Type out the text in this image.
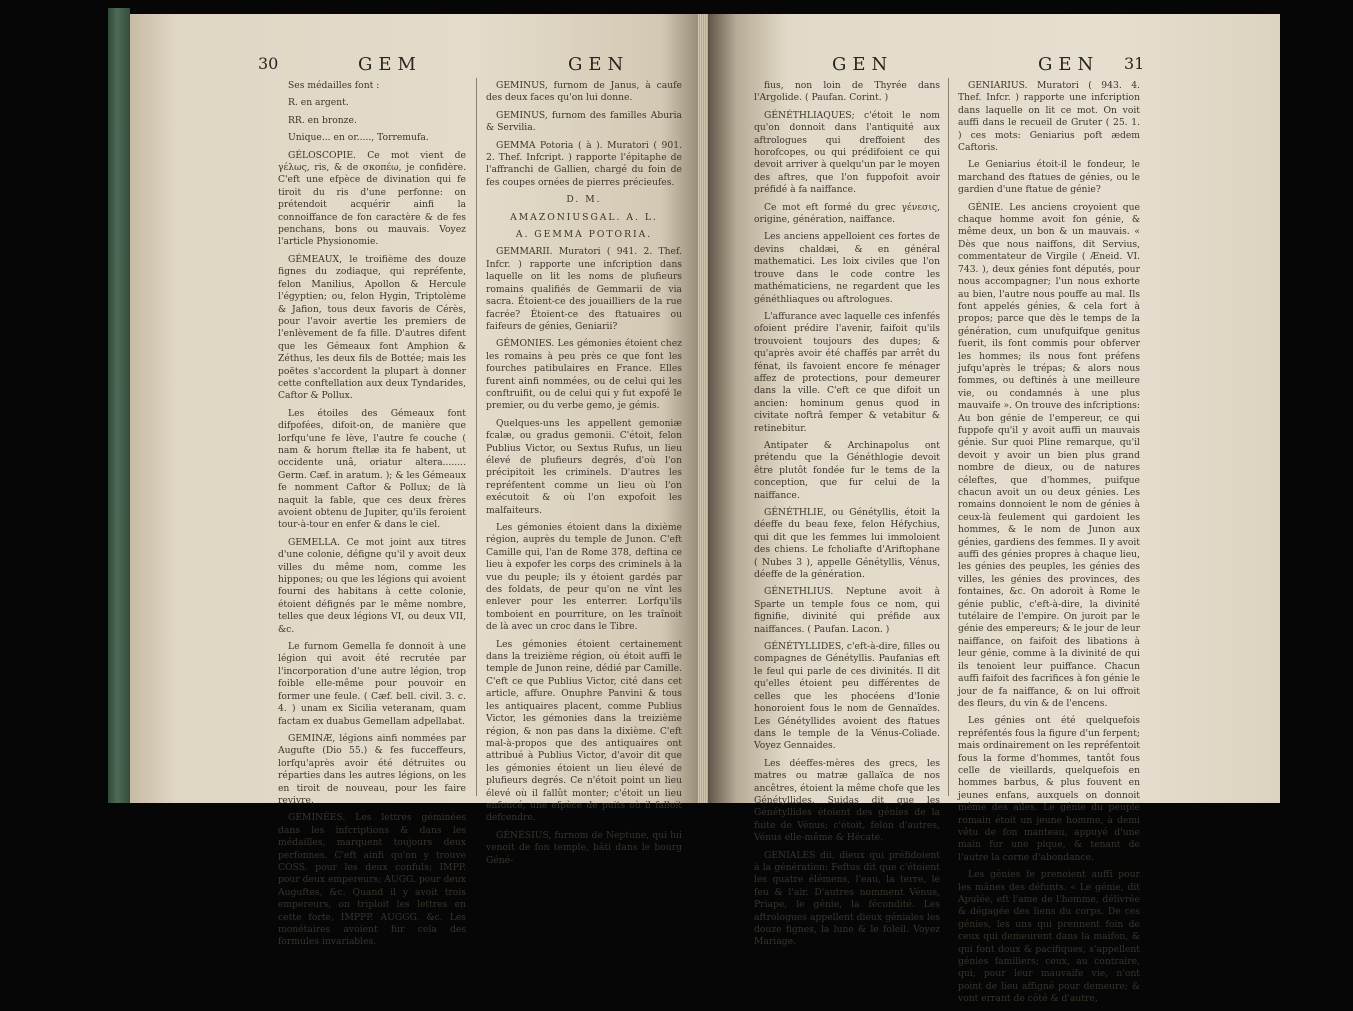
30	GEM	GEN

Ses médailles font :

R. en argent.

RR. en bronze.

Unique... en or....., Torremufa.

GÉLOSCOPIE. Ce mot vient de γέλως, ris, & de σκοπέω, je confidère. C'eft une efpèce de divination qui fe tiroit du ris d'une perfonne: on prétendoit acquérir ainfi la connoiffance de fon caractère & de fes penchans, bons ou mauvais. Voyez l'article Physionomie.

GÉMEAUX, le troifième des douze fignes du zodiaque, qui repréfente, felon Manilius, Apollon & Hercule l'égyptien; ou, felon Hygin, Triptolème & Jafion, tous deux favoris de Cérès, pour l'avoir avertie les premiers de l'enlèvement de fa fille. D'autres difent que les Gémeaux font Amphion & Zéthus, les deux fils de Bottée; mais les poëtes s'accordent la plupart à donner cette conftellation aux deux Tyndarides, Caftor & Pollux.

Les étoiles des Gémeaux font difpofées, difoit-on, de manière que lorfqu'une fe lève, l'autre fe couche ( nam & horum ftellæ ita fe habent, ut occidente unâ, oriatur altera........ Germ. Cæf. in aratum. ); & les Gémeaux fe nomment Caftor & Pollux; de là naquit la fable, que ces deux frères avoient obtenu de Jupiter, qu'ils feroient tour-à-tour en enfer & dans le ciel.

GEMELLA. Ce mot joint aux titres d'une colonie, défigne qu'il y avoit deux villes du même nom, comme les hippones; ou que les légions qui avoient fourni des habitans à cette colonie, étoient défignés par le même nombre, telles que deux légions VI, ou deux VII, &c.

Le furnom Gemella fe donnoit à une légion qui avoit été recrutée par l'incorporation d'une autre légion, trop foible elle-même pour pouvoir en former une feule. ( Cæf. bell. civil. 3. c. 4. ) unam ex Sicilia veteranam, quam factam ex duabus Gemellam adpellabat.

GEMINÆ, légions ainfi nommées par Augufte (Dio 55.) & fes fucceffeurs, lorfqu'après avoir été détruites ou réparties dans les autres légions, on les en tiroit de nouveau, pour les faire revivre.

GÉMINÉES. Les lettres géminées dans les infcriptions & dans les médailles, marquent toujours deux perfonnes. C'eft ainfi qu'on y trouve COSS. pour les deux confuls; IMPP. pour deux empereurs; AUGG. pour deux Auguftes, &c. Quand il y avoit trois empereurs, on triploit les lettres en cette forte, IMPPP. AUGGG. &c. Les monétaires avoient fur cela des formules invariables.

GEMINUS, furnom de Janus, à caufe des deux faces qu'on lui donne.

GEMINUS, furnom des familles Aburia & Servilia.

GEMMA Potoria ( à ). Muratori ( 901. 2. Thef. Infcript. ) rapporte l'épitaphe de l'affranchi de Gallien, chargé du foin de fes coupes ornées de pierres précieufes.

D. M.

AMAZONIUSGAL. A. L.

A. GEMMA POTORIA.

GEMMARII. Muratori ( 941. 2. Thef. Infcr. ) rapporte une infcription dans laquelle on lit les noms de plufieurs romains qualifiés de Gemmarii de via sacra. Étoient-ce des jouailliers de la rue facrée? Étoient-ce des ftatuaires ou faifeurs de génies, Geniarii?

GÉMONIES. Les gémonies étoient chez les romains à peu près ce que font les fourches patibulaires en France. Elles furent ainfi nommées, ou de celui qui les conftruifit, ou de celui qui y fut expofé le premier, ou du verbe gemo, je gémis.

Quelques-uns les appellent gemoniæ fcalæ, ou gradus gemonii. C'étoit, felon Publius Victor, ou Sextus Rufus, un lieu élevé de plufieurs degrés, d'où l'on précipitoit les criminels. D'autres les repréfentent comme un lieu où l'on exécutoit & où l'on expofoit les malfaiteurs.

Les gémonies étoient dans la dixième région, auprès du temple de Junon. C'eft Camille qui, l'an de Rome 378, deftina ce lieu à expofer les corps des criminels à la vue du peuple; ils y étoient gardés par des foldats, de peur qu'on ne vînt les enlever pour les enterrer. Lorfqu'ils tomboient en pourriture, on les traînoit de là avec un croc dans le Tibre.

Les gémonies étoient certainement dans la treizième région, où étoit auffi le temple de Junon reine, dédié par Camille. C'eft ce que Publius Victor, cité dans cet article, affure. Onuphre Panvini & tous les antiquaires placent, comme Publius Victor, les gémonies dans la treizième région, & non pas dans la dixième. C'eft mal-à-propos que des antiquaires ont attribué à Publius Victor, d'avoir dit que les gémonies étoient un lieu élevé de plufieurs degrés. Ce n'étoit point un lieu élevé où il fallût monter; c'étoit un lieu enfoncé, une efpèce de puits où il falloit defcendre.

GÉNÉSIUS, furnom de Neptune, qui lui venoit de fon temple, bâti dans le bourg Géné-

GEN	GEN 31

fius, non loin de Thyrée dans l'Argolide. ( Paufan. Corint. )

GÉNÉTHLIAQUES; c'étoit le nom qu'on donnoit dans l'antiquité aux aftrologues qui dreffoient des horofcopes, ou qui prédifoient ce qui devoit arriver à quelqu'un par le moyen des aftres, que l'on fuppofoit avoir préfidé à fa naiffance.

Ce mot eft formé du grec γένεσις, origine, génération, naiffance.

Les anciens appelloient ces fortes de devins chaldæi, & en général mathematici. Les loix civiles que l'on trouve dans le code contre les mathématiciens, ne regardent que les généthliaques ou aftrologues.

L'affurance avec laquelle ces infenfés ofoient prédire l'avenir, faifoit qu'ils trouvoient toujours des dupes; & qu'après avoir été chaffés par arrêt du fénat, ils favoient encore fe ménager affez de protections, pour demeurer dans la ville. C'eft ce que difoit un ancien: hominum genus quod in civitate noftrâ femper & vetabitur & retinebitur.

Antipater & Archinapolus ont prétendu que la Généthlogie devoit être plutôt fondée fur le tems de la conception, que fur celui de la naiffance.

GÉNÉTHLIE, ou Génétyllis, étoit la déeffe du beau fexe, felon Héfychius, qui dit que les femmes lui immoloient des chiens. Le fcholiafte d'Ariftophane ( Nubes 3 ), appelle Génétyllis, Vénus, déeffe de la génération.

GÉNETHLIUS. Neptune avoit à Sparte un temple fous ce nom, qui fignifie, divinité qui préfide aux naiffances. ( Paufan. Lacon. )

GÉNÉTYLLIDES, c'eft-à-dire, filles ou compagnes de Génétyllis. Paufanias eft le feul qui parle de ces divinités. Il dit qu'elles étoient peu différentes de celles que les phocéens d'Ionie honoroient fous le nom de Gennaïdes. Les Génétyllides avoient des ftatues dans le temple de la Vénus-Coliade. Voyez Gennaides.

Les déeffes-mères des grecs, les matres ou matræ gallaïca de nos ancêtres, étoient la même chofe que les Génétyllides. Suidas dit que les Génétyllides étoient des génies de la fuite de Vénus; c'étoit, felon d'autres, Vénus elle-même & Hécate.

GENIALES dii, dieux qui préfidoient à la génération: Feftus dit que c'étoient les quatre élémens, l'eau, la terre, le feu & l'air. D'autres nomment Vénus, Priape, le génie, la fécondité. Les aftrologues appellent dieux géniales les douze fignes, la lune & le foleil. Voyez Mariage.

GENIARIUS. Muratori ( 943. 4. Thef. Infcr. ) rapporte une infcription dans laquelle on lit ce mot. On voit auffi dans le recueil de Gruter ( 25. 1. ) ces mots: Geniarius poft ædem Caftoris.

Le Geniarius étoit-il le fondeur, le marchand des ftatues de génies, ou le gardien d'une ftatue de génie?

GÉNIE. Les anciens croyoient que chaque homme avoit fon génie, & même deux, un bon & un mauvais. « Dès que nous naiffons, dit Servius, commentateur de Virgile ( Æneid. VI. 743. ), deux génies font députés, pour nous accompagner; l'un nous exhorte au bien, l'autre nous pouffe au mal. Ils font appelés génies, & cela fort à propos; parce que dès le temps de la génération, cum unufquifque genitus fuerit, ils font commis pour obferver les hommes; ils nous font préfens jufqu'après le trépas; & alors nous fommes, ou deftinés à une meilleure vie, ou condamnés à une plus mauvaife ». On trouve des infcriptions: Au bon génie de l'empereur, ce qui fuppofe qu'il y avoit auffi un mauvais génie. Sur quoi Pline remarque, qu'il devoit y avoir un bien plus grand nombre de dieux, ou de natures céleftes, que d'hommes, puifque chacun avoit un ou deux génies. Les romains donnoient le nom de génies à ceux-là feulement qui gardoient les hommes, & le nom de Junon aux génies, gardiens des femmes. Il y avoit auffi des génies propres à chaque lieu, les génies des peuples, les génies des villes, les génies des provinces, des fontaines, &c. On adoroit à Rome le génie public, c'eft-à-dire, la divinité tutélaire de l'empire. On juroit par le génie des empereurs; & le jour de leur naiffance, on faifoit des libations à leur génie, comme à la divinité de qui ils tenoient leur puiffance. Chacun auffi faifoit des facrifices à fon génie le jour de fa naiffance, & on lui offroit des fleurs, du vin & de l'encens.

Les génies ont été quelquefois repréfentés fous la figure d'un ferpent; mais ordinairement on les repréfentoit fous la forme d'hommes, tantôt fous celle de vieillards, quelquefois en hommes barbus, & plus fouvent en jeunes enfans, auxquels on donnoit même des aîles. Le génie du peuple romain étoit un jeune homme, à demi vêtu de fon manteau, appuyé d'une main fur une pique, & tenant de l'autre la corne d'abondance.

Les génies fe prenoient auffi pour les mânes des défunts. « Le génie, dit Apulée, eft l'ame de l'homme, délivrée & dégagée des liens du corps. De ces génies, les uns qui prennent foin de ceux qui demeurent dans la maifon, & qui font doux & pacifiques, s'appellent génies familiers; ceux, au contraire, qui, pour leur mauvaife vie, n'ont point de lieu affigné pour demeure; & vont errant de côté & d'autre,
